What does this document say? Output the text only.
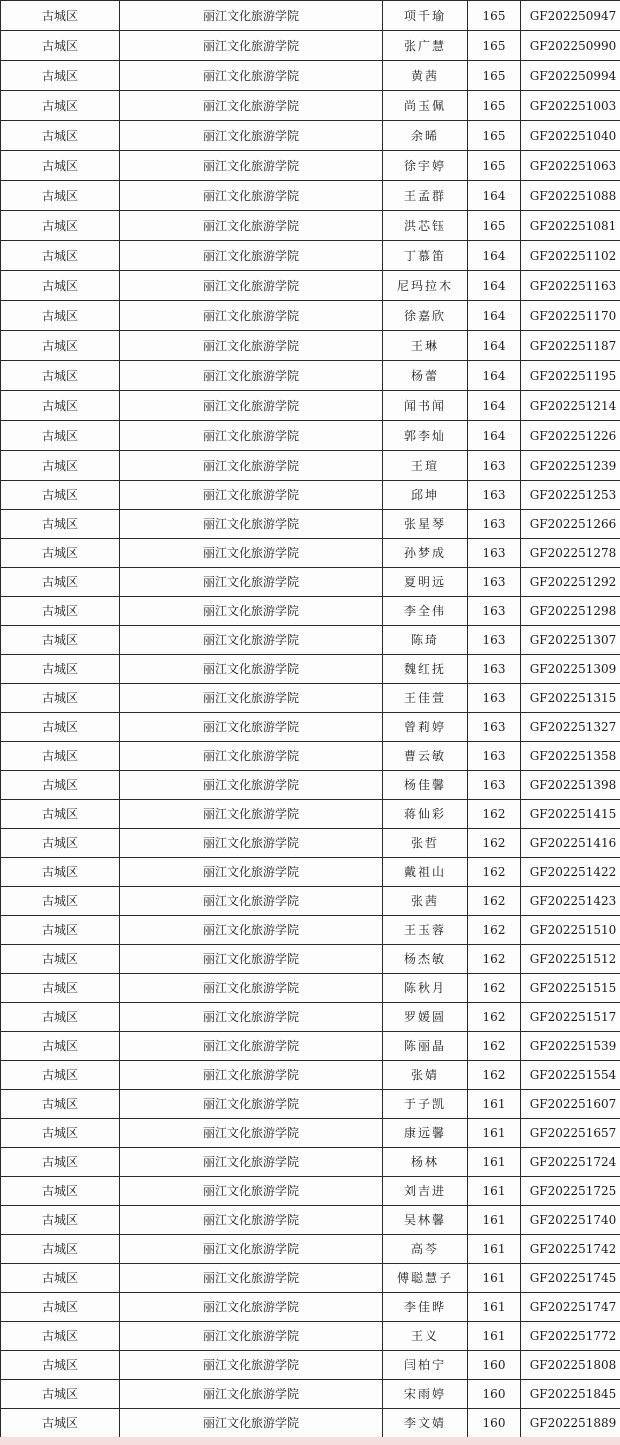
古城区	丽江文化旅游学院	项千瑜	165	GF202250947
古城区	丽江文化旅游学院	张广慧	165	GF202250990
古城区	丽江文化旅游学院	黄茜	165	GF202250994
古城区	丽江文化旅游学院	尚玉佩	165	GF202251003
古城区	丽江文化旅游学院	余晞	165	GF202251040
古城区	丽江文化旅游学院	徐宇婷	165	GF202251063
古城区	丽江文化旅游学院	王孟群	164	GF202251088
古城区	丽江文化旅游学院	洪芯钰	165	GF202251081
古城区	丽江文化旅游学院	丁慕笛	164	GF202251102
古城区	丽江文化旅游学院	尼玛拉木	164	GF202251163
古城区	丽江文化旅游学院	徐嘉欣	164	GF202251170
古城区	丽江文化旅游学院	王琳	164	GF202251187
古城区	丽江文化旅游学院	杨蕾	164	GF202251195
古城区	丽江文化旅游学院	闻书闻	164	GF202251214
古城区	丽江文化旅游学院	郭李灿	164	GF202251226
古城区	丽江文化旅游学院	王瑄	163	GF202251239
古城区	丽江文化旅游学院	邱坤	163	GF202251253
古城区	丽江文化旅游学院	张星琴	163	GF202251266
古城区	丽江文化旅游学院	孙梦成	163	GF202251278
古城区	丽江文化旅游学院	夏明远	163	GF202251292
古城区	丽江文化旅游学院	李全伟	163	GF202251298
古城区	丽江文化旅游学院	陈琦	163	GF202251307
古城区	丽江文化旅游学院	魏红抚	163	GF202251309
古城区	丽江文化旅游学院	王佳萱	163	GF202251315
古城区	丽江文化旅游学院	曾莉婷	163	GF202251327
古城区	丽江文化旅游学院	曹云敏	163	GF202251358
古城区	丽江文化旅游学院	杨佳馨	163	GF202251398
古城区	丽江文化旅游学院	蒋仙彩	162	GF202251415
古城区	丽江文化旅游学院	张哲	162	GF202251416
古城区	丽江文化旅游学院	戴祖山	162	GF202251422
古城区	丽江文化旅游学院	张茜	162	GF202251423
古城区	丽江文化旅游学院	王玉蓉	162	GF202251510
古城区	丽江文化旅游学院	杨杰敏	162	GF202251512
古城区	丽江文化旅游学院	陈秋月	162	GF202251515
古城区	丽江文化旅游学院	罗媛圆	162	GF202251517
古城区	丽江文化旅游学院	陈丽晶	162	GF202251539
古城区	丽江文化旅游学院	张婧	162	GF202251554
古城区	丽江文化旅游学院	于子凯	161	GF202251607
古城区	丽江文化旅游学院	康远馨	161	GF202251657
古城区	丽江文化旅游学院	杨林	161	GF202251724
古城区	丽江文化旅游学院	刘吉进	161	GF202251725
古城区	丽江文化旅游学院	吴林馨	161	GF202251740
古城区	丽江文化旅游学院	高芩	161	GF202251742
古城区	丽江文化旅游学院	傅聪慧子	161	GF202251745
古城区	丽江文化旅游学院	李佳晔	161	GF202251747
古城区	丽江文化旅游学院	王义	161	GF202251772
古城区	丽江文化旅游学院	闫柏宁	160	GF202251808
古城区	丽江文化旅游学院	宋雨婷	160	GF202251845
古城区	丽江文化旅游学院	李文婧	160	GF202251889
